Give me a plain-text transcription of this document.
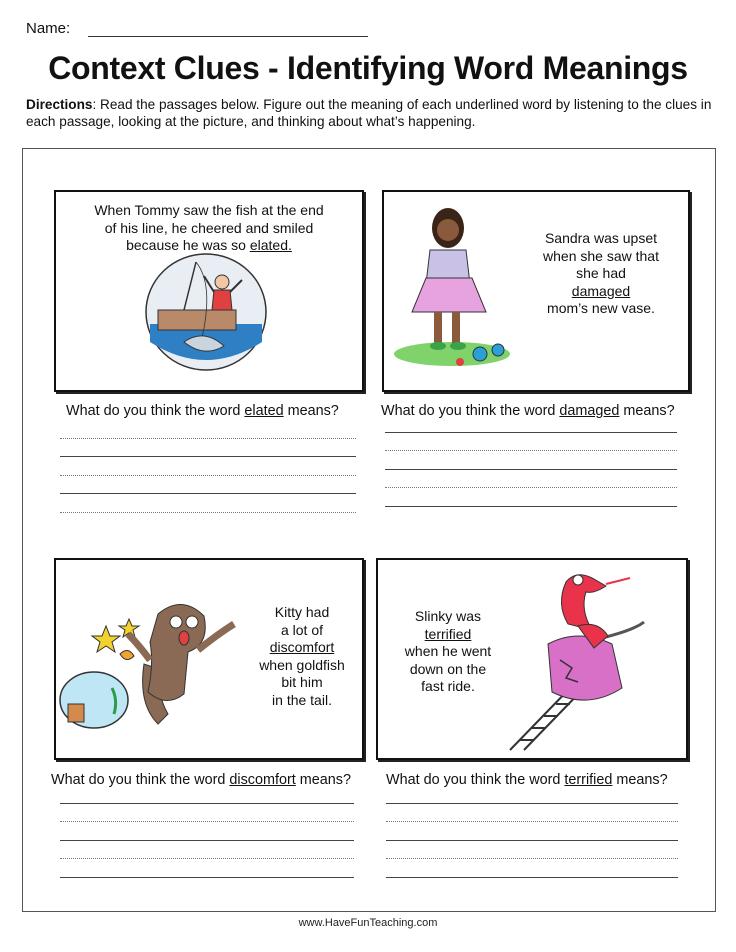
Name:
Context Clues - Identifying Word Meanings
Directions: Read the passages below. Figure out the meaning of each underlined word by listening to the clues in each passage, looking at the picture, and thinking about what’s happening.
When Tommy saw the fish at the end
of his line, he cheered and smiled
because he was so elated.
What do you think the word elated means?
Sandra was upset
when she saw that
she had
damaged
mom’s new vase.
What do you think the word damaged means?
Kitty had
a lot of
discomfort
when goldfish
bit him
in the tail.
What do you think the word discomfort means?
Slinky was
terrified
when he went
down on the
fast ride.
What do you think the word terrified means?
www.HaveFunTeaching.com
